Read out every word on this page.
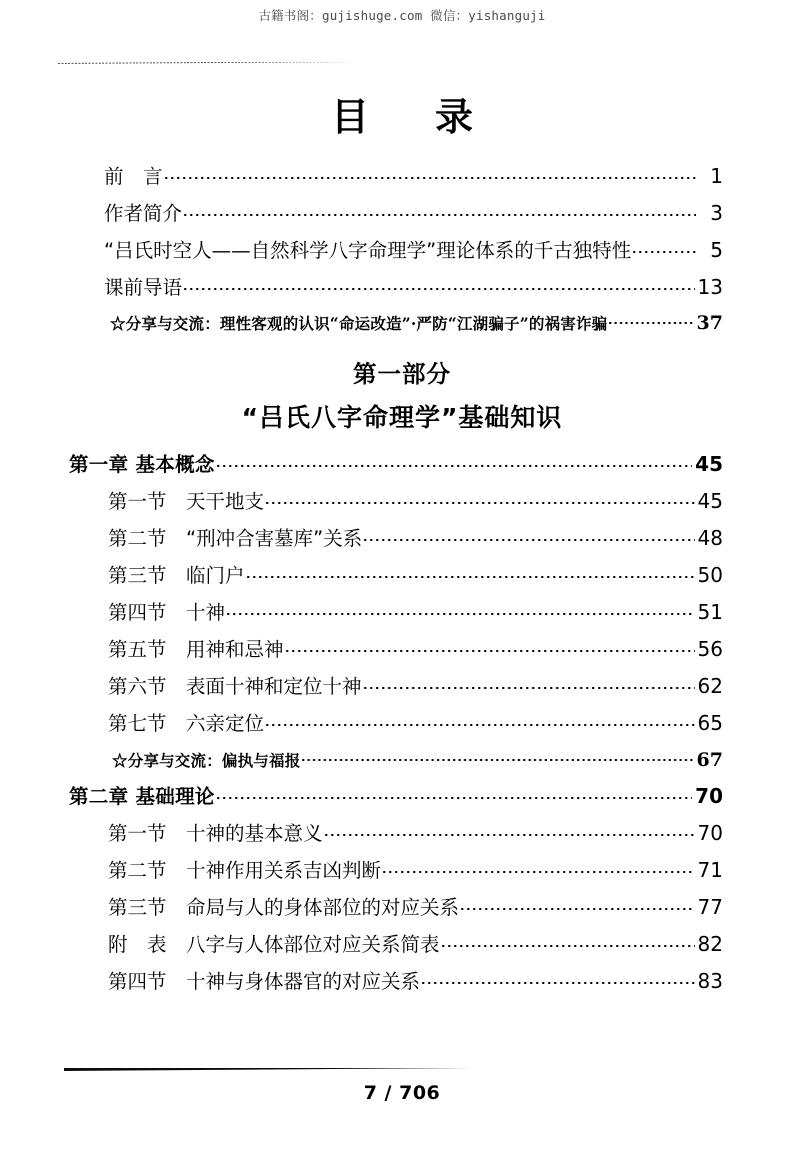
古籍书阁：gujishuge.com 微信：yishanguji
目　录
前　言	1
作者简介	3
“吕氏时空人——自然科学八字命理学”理论体系的千古独特性	5
课前导语	13
☆分享与交流：理性客观的认识“命运改造”·严防“江湖骗子”的祸害诈骗	37
第一部分
“吕氏八字命理学”基础知识
第一章 基本概念	45
第一节　天干地支	45
第二节　“刑冲合害墓库”关系	48
第三节　临门户	50
第四节　十神	51
第五节　用神和忌神	56
第六节　表面十神和定位十神	62
第七节　六亲定位	65
☆分享与交流：偏执与福报	67
第二章 基础理论	70
第一节　十神的基本意义	70
第二节　十神作用关系吉凶判断	71
第三节　命局与人的身体部位的对应关系	77
附　表　八字与人体部位对应关系简表	82
第四节　十神与身体器官的对应关系	83
7 / 706
